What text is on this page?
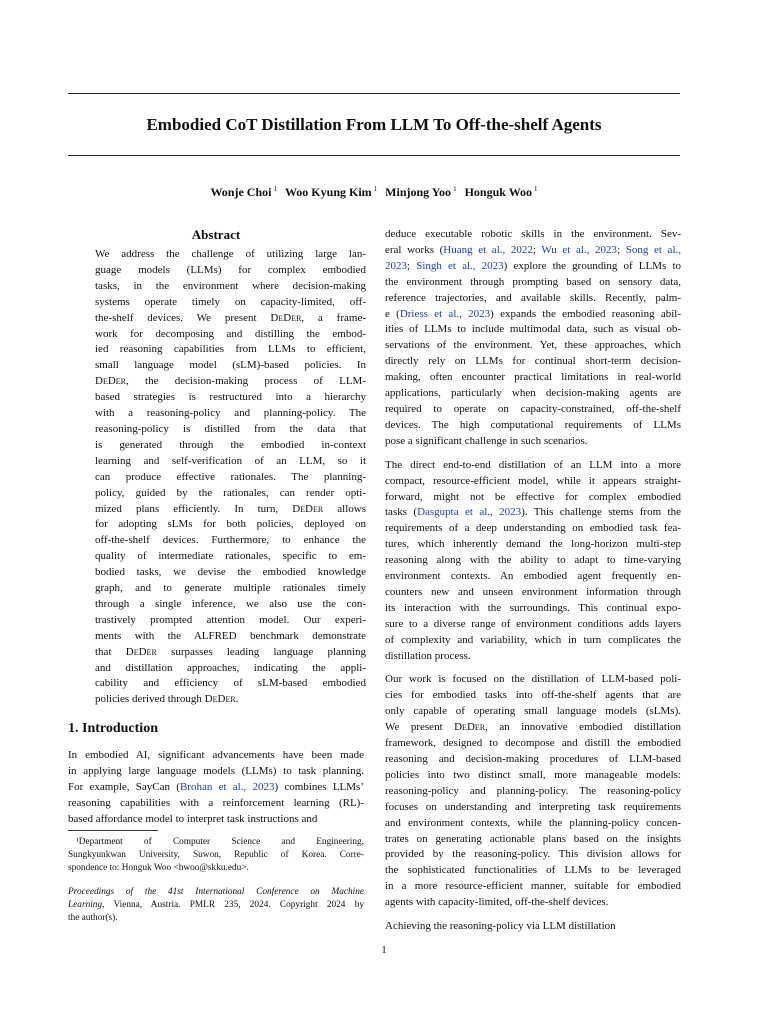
Embodied CoT Distillation From LLM To Off-the-shelf Agents
Wonje Choi $^1$ Woo Kyung Kim $^1$ Minjong Yoo $^1$ Honguk Woo $^1$
Abstract
We address the challenge of utilizing large lan-
guage models (LLMs) for complex embodied
tasks, in the environment where decision-making
systems operate timely on capacity-limited, off-
the-shelf devices. We present DeDer, a frame-
work for decomposing and distilling the embod-
ied reasoning capabilities from LLMs to efficient,
small language model (sLM)-based policies. In
DeDer, the decision-making process of LLM-
based strategies is restructured into a hierarchy
with a reasoning-policy and planning-policy. The
reasoning-policy is distilled from the data that
is generated through the embodied in-context
learning and self-verification of an LLM, so it
can produce effective rationales. The planning-
policy, guided by the rationales, can render opti-
mized plans efficiently. In turn, DeDer allows
for adopting sLMs for both policies, deployed on
off-the-shelf devices. Furthermore, to enhance the
quality of intermediate rationales, specific to em-
bodied tasks, we devise the embodied knowledge
graph, and to generate multiple rationales timely
through a single inference, we also use the con-
trastively prompted attention model. Our experi-
ments with the ALFRED benchmark demonstrate
that DeDer surpasses leading language planning
and distillation approaches, indicating the appli-
cability and efficiency of sLM-based embodied
policies derived through DeDer.
1. Introduction
In embodied AI, significant advancements have been made
in applying large language models (LLMs) to task planning.
For example, SayCan (Brohan et al., 2023) combines LLMs’
reasoning capabilities with a reinforcement learning (RL)-
based affordance model to interpret task instructions and
¹Department of Computer Science and Engineering,
Sungkyunkwan University, Suwon, Republic of Korea. Corre-
spondence to: Honguk Woo <hwoo@skku.edu>.
Proceedings of the 41st International Conference on Machine
Learning, Vienna, Austria. PMLR 235, 2024. Copyright 2024 by
the author(s).
deduce executable robotic skills in the environment. Sev-
eral works (Huang et al., 2022; Wu et al., 2023; Song et al.,
2023; Singh et al., 2023) explore the grounding of LLMs to
the environment through prompting based on sensory data,
reference trajectories, and available skills. Recently, palm-
e (Driess et al., 2023) expands the embodied reasoning abil-
ities of LLMs to include multimodal data, such as visual ob-
servations of the environment. Yet, these approaches, which
directly rely on LLMs for continual short-term decision-
making, often encounter practical limitations in real-world
applications, particularly when decision-making agents are
required to operate on capacity-constrained, off-the-shelf
devices. The high computational requirements of LLMs
pose a significant challenge in such scenarios.
The direct end-to-end distillation of an LLM into a more
compact, resource-efficient model, while it appears straight-
forward, might not be effective for complex embodied
tasks (Dasgupta et al., 2023). This challenge stems from the
requirements of a deep understanding on embodied task fea-
tures, which inherently demand the long-horizon multi-step
reasoning along with the ability to adapt to time-varying
environment contexts. An embodied agent frequently en-
counters new and unseen environment information through
its interaction with the surroundings. This continual expo-
sure to a diverse range of environment conditions adds layers
of complexity and variability, which in turn complicates the
distillation process.
Our work is focused on the distillation of LLM-based poli-
cies for embodied tasks into off-the-shelf agents that are
only capable of operating small language models (sLMs).
We present DeDer, an innovative embodied distillation
framework, designed to decompose and distill the embodied
reasoning and decision-making procedures of LLM-based
policies into two distinct small, more manageable models:
reasoning-policy and planning-policy. The reasoning-policy
focuses on understanding and interpreting task requirements
and environment contexts, while the planning-policy concen-
trates on generating actionable plans based on the insights
provided by the reasoning-policy. This division allows for
the sophisticated functionalities of LLMs to be leveraged
in a more resource-efficient manner, suitable for embodied
agents with capacity-limited, off-the-shelf devices.
Achieving the reasoning-policy via LLM distillation
1
